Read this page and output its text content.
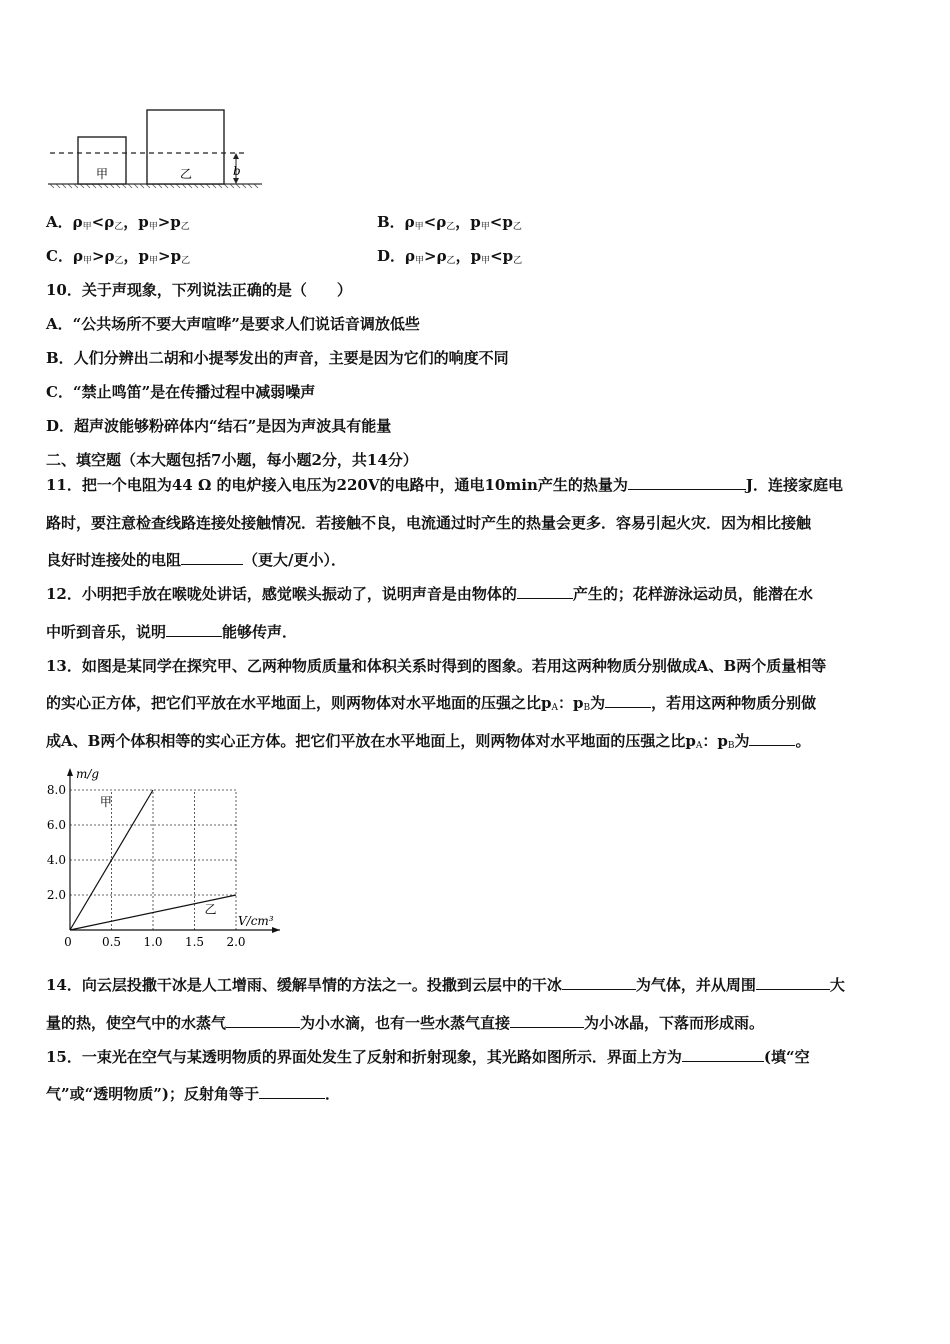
甲	乙	b
A．$\rho_甲<\rho_乙$，$p_甲>p_乙$	B．$\rho_甲<\rho_乙$，$p_甲<p_乙$
C．$\rho_甲>\rho_乙$，$p_甲>p_乙$	D．$\rho_甲>\rho_乙$，$p_甲<p_乙$
10．关于声现象，下列说法正确的是（　　）
A．“公共场所不要大声喧哗”是要求人们说话音调放低些
B．人们分辨出二胡和小提琴发出的声音，主要是因为它们的响度不同
C．“禁止鸣笛”是在传播过程中减弱噪声
D．超声波能够粉碎体内“结石”是因为声波具有能量
二、填空题（本大题包括7小题，每小题2分，共14分）
11．把一个电阻为44 Ω 的电炉接入电压为220V的电路中，通电10min产生的热量为	J．连接家庭电
路时，要注意检查线路连接处接触情况．若接触不良，电流通过时产生的热量会更多．容易引起火灾．因为相比接触
良好时连接处的电阻	（更大/更小）．
12．小明把手放在喉咙处讲话，感觉喉头振动了，说明声音是由物体的	产生的；花样游泳运动员，能潜在水
中听到音乐，说明	能够传声．
13．如图是某同学在探究甲、乙两种物质质量和体积关系时得到的图象。若用这两种物质分别做成A、B两个质量相等
的实心正方体，把它们平放在水平地面上，则两物体对水平地面的压强之比$p_A$：$p_B$为	，若用这两种物质分别做
成A、B两个体积相等的实心正方体。把它们平放在水平地面上，则两物体对水平地面的压强之比$p_A$：$p_B$为	。
0.5 1.0 1.5 2.0
8.0
6.0
4.0
2.0
0
V/cm³
m/g
甲
乙
14．向云层投撒干冰是人工增雨、缓解旱情的方法之一。投撒到云层中的干冰	为气体，并从周围	大
量的热，使空气中的水蒸气	为小水滴，也有一些水蒸气直接	为小冰晶，下落而形成雨。
15．一束光在空气与某透明物质的界面处发生了反射和折射现象，其光路如图所示．界面上方为	(填“空
气”或“透明物质”)；反射角等于	．
